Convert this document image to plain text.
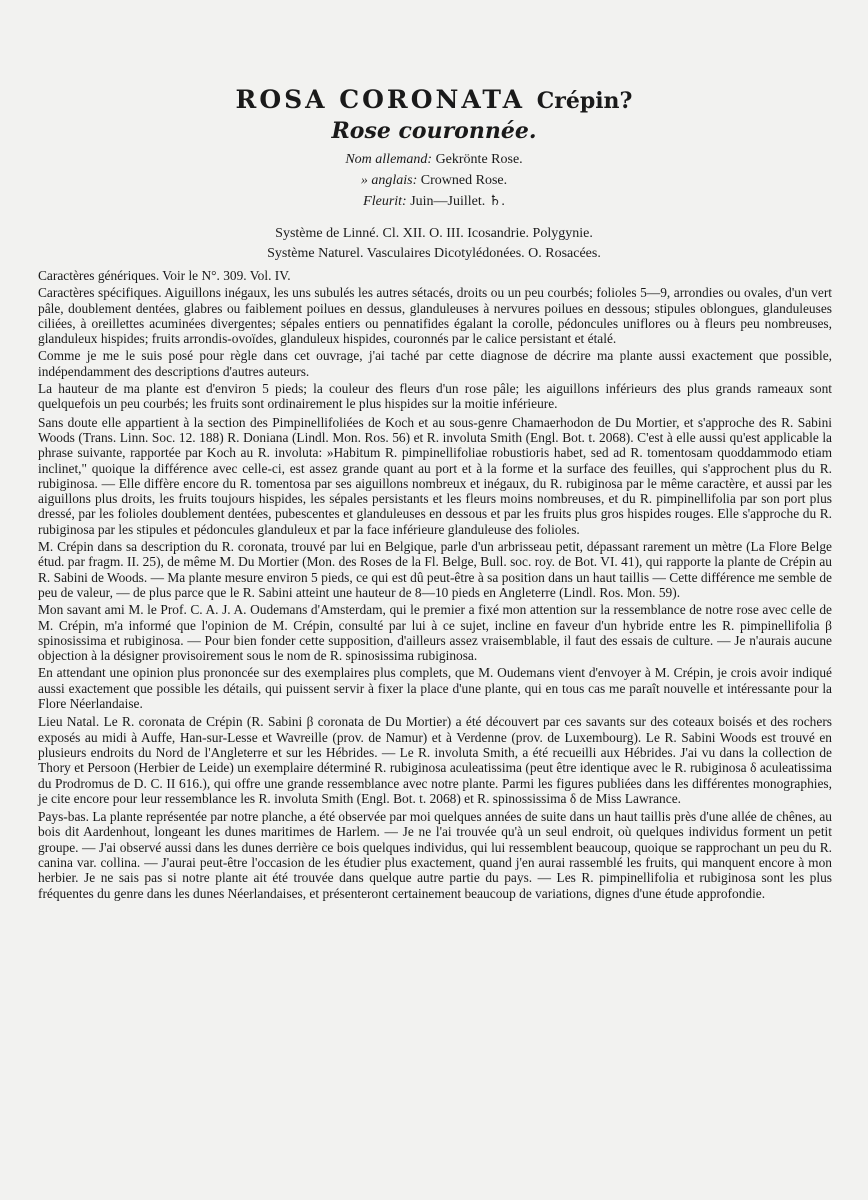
ROSA CORONATA Crépin?
Rose couronnée.
Nom allemand: Gekrönte Rose.
» anglais: Crowned Rose.
Fleurit: Juin—Juillet. ♄.
Système de Linné. Cl. XII. O. III. Icosandrie. Polygynie.
Système Naturel. Vasculaires Dicotylédonées. O. Rosacées.

Caractères génériques. Voir le N°. 309. Vol. IV.

Caractères spécifiques. Aiguillons inégaux, les uns subulés les autres sétacés, droits ou un peu courbés; folioles 5—9, arrondies ou ovales, d'un vert pâle, doublement dentées, glabres ou faiblement poilues en dessus, glanduleuses à nervures poilues en dessous; stipules oblongues, glanduleuses ciliées, à oreillettes acuminées divergentes; sépales entiers ou pennatifides égalant la corolle, pédoncules uniflores ou à fleurs peu nombreuses, glanduleux hispides; fruits arrondis-ovoïdes, glanduleux hispides, couronnés par le calice persistant et étalé.

Comme je me le suis posé pour règle dans cet ouvrage, j'ai taché par cette diagnose de décrire ma plante aussi exactement que possible, indépendamment des descriptions d'autres auteurs.

La hauteur de ma plante est d'environ 5 pieds; la couleur des fleurs d'un rose pâle; les aiguillons inférieurs des plus grands rameaux sont quelquefois un peu courbés; les fruits sont ordinairement le plus hispides sur la moitie inférieure.

Sans doute elle appartient à la section des Pimpinellifoliées de Koch et au sous-genre Chamaerhodon de Du Mortier, et s'approche des R. Sabini Woods (Trans. Linn. Soc. 12. 188) R. Doniana (Lindl. Mon. Ros. 56) et R. involuta Smith (Engl. Bot. t. 2068). C'est à elle aussi qu'est applicable la phrase suivante, rapportée par Koch au R. involuta: »Habitum R. pimpinellifoliae robustioris habet, sed ad R. tomentosam quoddammodo etiam inclinet," quoique la différence avec celle-ci, est assez grande quant au port et à la forme et la surface des feuilles, qui s'approchent plus du R. rubiginosa. — Elle diffère encore du R. tomentosa par ses aiguillons nombreux et inégaux, du R. rubiginosa par le même caractère, et aussi par les aiguillons plus droits, les fruits toujours hispides, les sépales persistants et les fleurs moins nombreuses, et du R. pimpinellifolia par son port plus dressé, par les folioles doublement dentées, pubescentes et glanduleuses en dessous et par les fruits plus gros hispides rouges. Elle s'approche du R. rubiginosa par les stipules et pédoncules glanduleux et par la face inférieure glanduleuse des folioles.

M. Crépin dans sa description du R. coronata, trouvé par lui en Belgique, parle d'un arbrisseau petit, dépassant rarement un mètre (La Flore Belge étud. par fragm. II. 25), de même M. Du Mortier (Mon. des Roses de la Fl. Belge, Bull. soc. roy. de Bot. VI. 41), qui rapporte la plante de Crépin au R. Sabini de Woods. — Ma plante mesure environ 5 pieds, ce qui est dû peut-être à sa position dans un haut taillis — Cette différence me semble de peu de valeur, — de plus parce que le R. Sabini atteint une hauteur de 8—10 pieds en Angleterre (Lindl. Ros. Mon. 59).

Mon savant ami M. le Prof. C. A. J. A. Oudemans d'Amsterdam, qui le premier a fixé mon attention sur la ressemblance de notre rose avec celle de M. Crépin, m'a informé que l'opinion de M. Crépin, consulté par lui à ce sujet, incline en faveur d'un hybride entre les R. pimpinellifolia β spinosissima et rubiginosa. — Pour bien fonder cette supposition, d'ailleurs assez vraisemblable, il faut des essais de culture. — Je n'aurais aucune objection à la désigner provisoirement sous le nom de R. spinosissima rubiginosa.

En attendant une opinion plus prononcée sur des exemplaires plus complets, que M. Oudemans vient d'envoyer à M. Crépin, je crois avoir indiqué aussi exactement que possible les détails, qui puissent servir à fixer la place d'une plante, qui en tous cas me paraît nouvelle et intéressante pour la Flore Néerlandaise.

Lieu Natal. Le R. coronata de Crépin (R. Sabini β coronata de Du Mortier) a été découvert par ces savants sur des coteaux boisés et des rochers exposés au midi à Auffe, Han-sur-Lesse et Wavreille (prov. de Namur) et à Verdenne (prov. de Luxembourg). Le R. Sabini Woods est trouvé en plusieurs endroits du Nord de l'Angleterre et sur les Hébrides. — Le R. involuta Smith, a été recueilli aux Hébrides. J'ai vu dans la collection de Thory et Persoon (Herbier de Leide) un exemplaire déterminé R. rubiginosa aculeatissima (peut être identique avec le R. rubiginosa δ aculeatissima du Prodromus de D. C. II 616.), qui offre une grande ressemblance avec notre plante. Parmi les figures publiées dans les différentes monographies, je cite encore pour leur ressemblance les R. involuta Smith (Engl. Bot. t. 2068) et R. spinossissima δ de Miss Lawrance.

Pays-bas. La plante représentée par notre planche, a été observée par moi quelques années de suite dans un haut taillis près d'une allée de chênes, au bois dit Aardenhout, longeant les dunes maritimes de Harlem. — Je ne l'ai trouvée qu'à un seul endroit, où quelques individus forment un petit groupe. — J'ai observé aussi dans les dunes derrière ce bois quelques individus, qui lui ressemblent beaucoup, quoique se rapprochant un peu du R. canina var. collina. — J'aurai peut-être l'occasion de les étudier plus exactement, quand j'en aurai rassemblé les fruits, qui manquent encore à mon herbier. Je ne sais pas si notre plante ait été trouvée dans quelque autre partie du pays. — Les R. pimpinellifolia et rubiginosa sont les plus fréquentes du genre dans les dunes Néerlandaises, et présenteront certainement beaucoup de variations, dignes d'une étude approfondie.
